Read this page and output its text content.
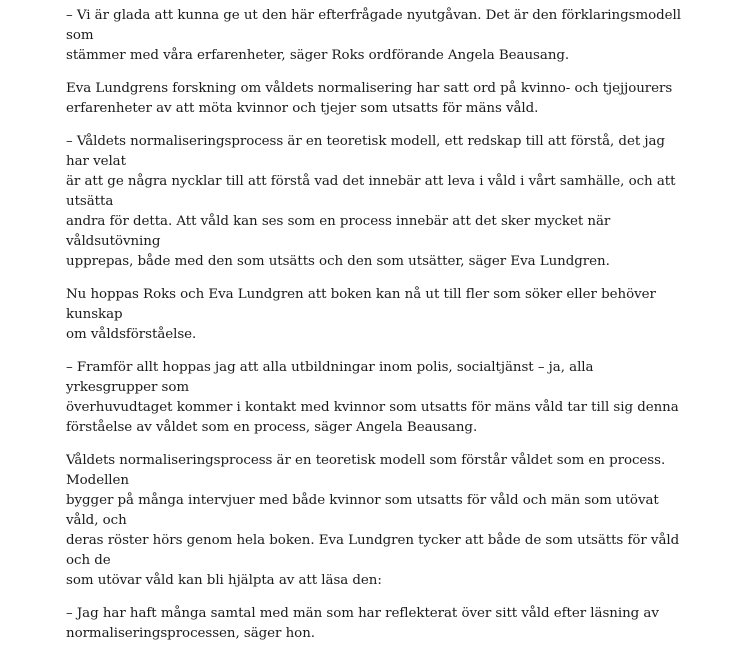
– Vi är glada att kunna ge ut den här efterfrågade nyutgåvan. Det är den förklaringsmodell som
stämmer med våra erfarenheter, säger Roks ordförande Angela Beausang.

Eva Lundgrens forskning om våldets normalisering har satt ord på kvinno- och tjejjourers
erfarenheter av att möta kvinnor och tjejer som utsatts för mäns våld.

– Våldets normaliseringsprocess är en teoretisk modell, ett redskap till att förstå, det jag har velat
är att ge några nycklar till att förstå vad det innebär att leva i våld i vårt samhälle, och att utsätta
andra för detta. Att våld kan ses som en process innebär att det sker mycket när våldsutövning
upprepas, både med den som utsätts och den som utsätter, säger Eva Lundgren.

Nu hoppas Roks och Eva Lundgren att boken kan nå ut till fler som söker eller behöver kunskap
om våldsförståelse.

– Framför allt hoppas jag att alla utbildningar inom polis, socialtjänst – ja, alla yrkesgrupper som
överhuvudtaget kommer i kontakt med kvinnor som utsatts för mäns våld tar till sig denna
förståelse av våldet som en process, säger Angela Beausang.

Våldets normaliseringsprocess är en teoretisk modell som förstår våldet som en process. Modellen
bygger på många intervjuer med både kvinnor som utsatts för våld och män som utövat våld, och
deras röster hörs genom hela boken. Eva Lundgren tycker att både de som utsätts för våld och de
som utövar våld kan bli hjälpta av att läsa den:

– Jag har haft många samtal med män som har reflekterat över sitt våld efter läsning av
normaliseringsprocessen, säger hon.
